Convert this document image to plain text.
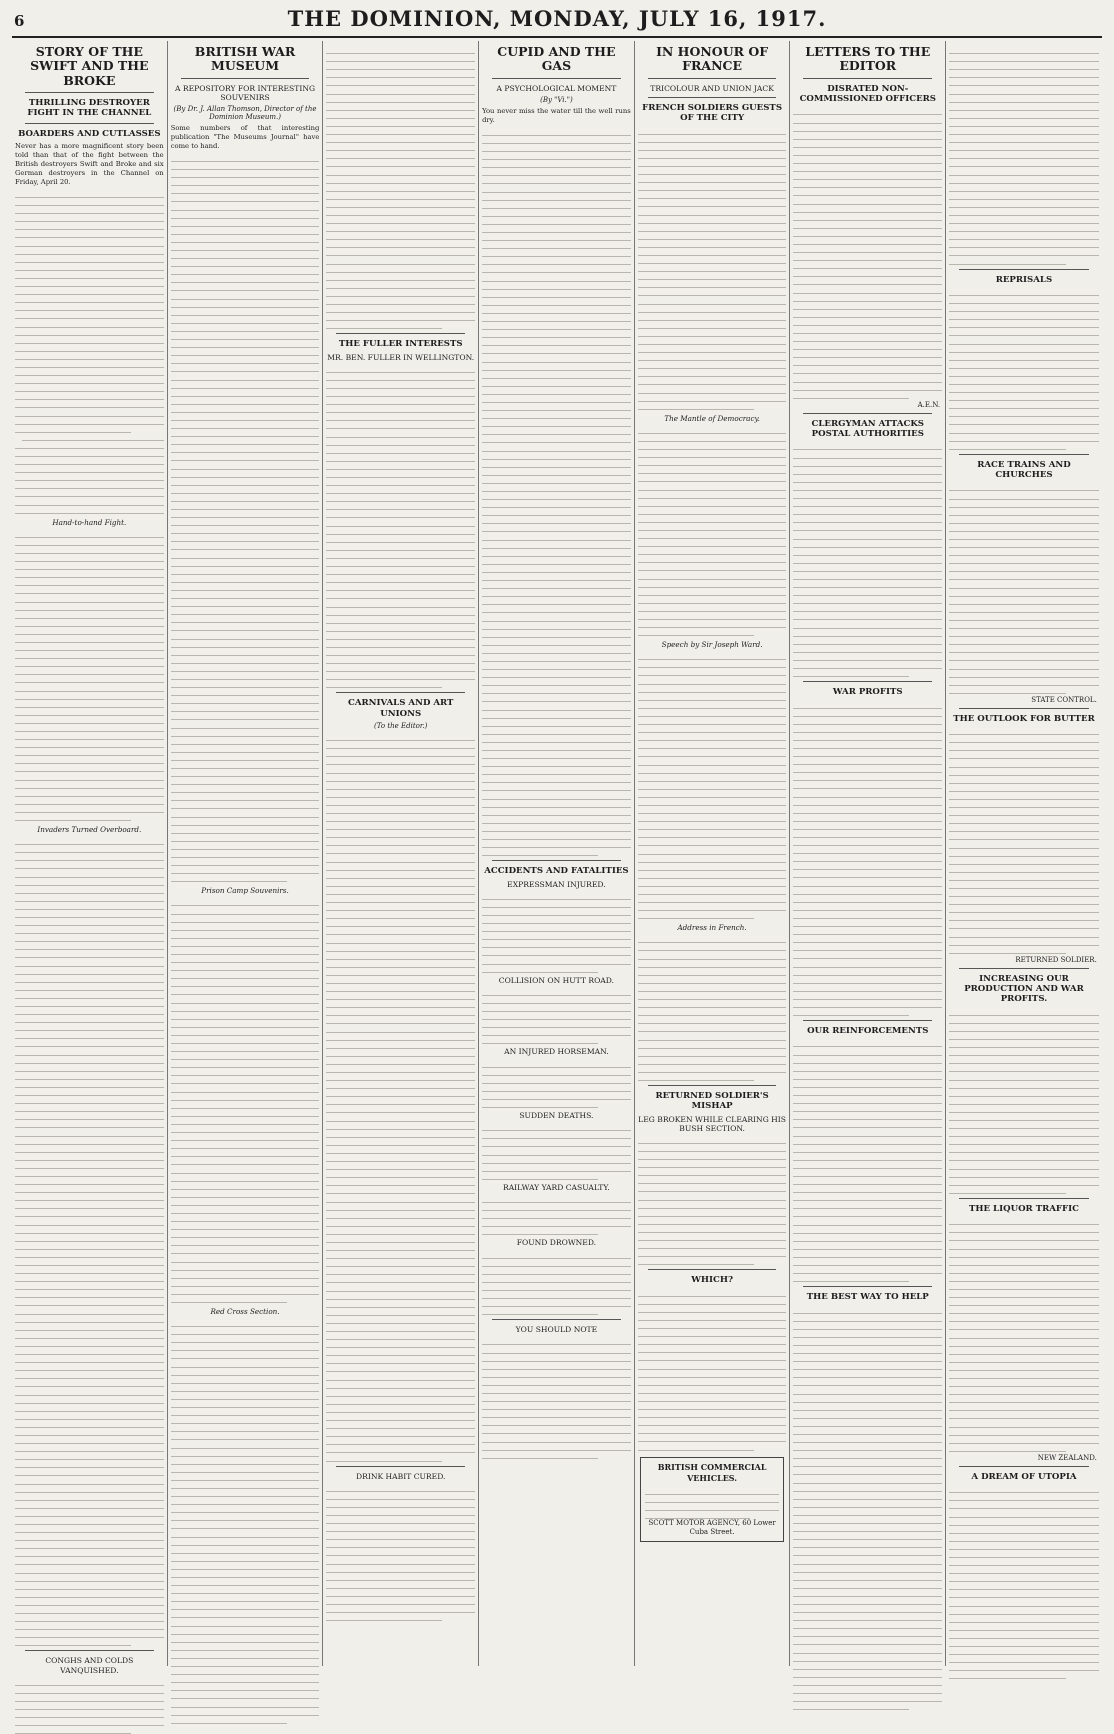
6	THE DOMINION, MONDAY, JULY 16, 1917.
STORY OF THE SWIFT AND THE BROKE
THRILLING DESTROYER FIGHT IN THE CHANNEL
BOARDERS AND CUTLASSES

Never has a more magnificent story been told than that of the fight between the British destroyers Swift and Broke and six German destroyers in the Channel on Friday, April 20.

Hand-to-hand Fight.
Invaders Turned Overboard.
CONGHS AND COLDS VANQUISHED.
BRITISH WAR MUSEUM
A REPOSITORY FOR INTERESTING SOUVENIRS
(By Dr. J. Allan Thomson, Director of the Dominion Museum.)

Some numbers of that interesting publication "The Museums Journal" have come to hand.

Prison Camp Souvenirs.
Red Cross Section.
THE FULLER INTERESTS
MR. BEN. FULLER IN WELLINGTON.
CARNIVALS AND ART UNIONS
(To the Editor.)
DRINK HABIT CURED.
CUPID AND THE GAS
A PSYCHOLOGICAL MOMENT
(By "Vi.")

You never miss the water till the well runs dry.

ACCIDENTS AND FATALITIES
EXPRESSMAN INJURED.
COLLISION ON HUTT ROAD.
AN INJURED HORSEMAN.
SUDDEN DEATHS.
RAILWAY YARD CASUALTY.
FOUND DROWNED.
YOU SHOULD NOTE
IN HONOUR OF FRANCE
TRICOLOUR AND UNION JACK
FRENCH SOLDIERS GUESTS OF THE CITY
The Mantle of Democracy.
Speech by Sir Joseph Ward.
Address in French.
RETURNED SOLDIER'S MISHAP
LEG BROKEN WHILE CLEARING HIS BUSH SECTION.
WHICH?
BRITISH COMMERCIAL VEHICLES.
SCOTT MOTOR AGENCY, 60 Lower Cuba Street.
LETTERS TO THE EDITOR
DISRATED NON-COMMISSIONED OFFICERS
A.E.N.
CLERGYMAN ATTACKS POSTAL AUTHORITIES
WAR PROFITS
OUR REINFORCEMENTS
THE BEST WAY TO HELP
REPRISALS
RACE TRAINS AND CHURCHES
STATE CONTROL.
THE OUTLOOK FOR BUTTER
RETURNED SOLDIER.
INCREASING OUR PRODUCTION AND WAR PROFITS.
THE LIQUOR TRAFFIC
NEW ZEALAND.
A DREAM OF UTOPIA
